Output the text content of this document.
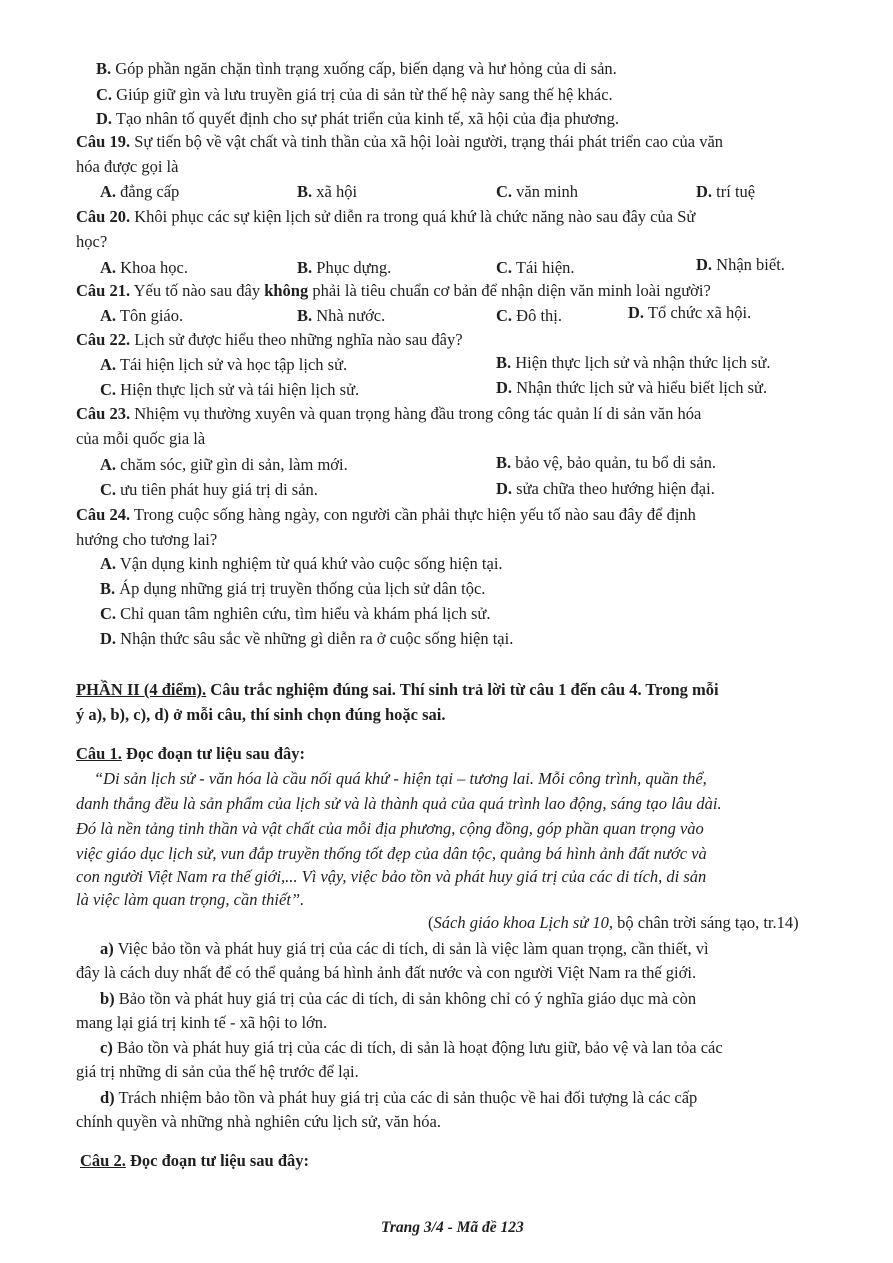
B. Góp phần ngăn chặn tình trạng xuống cấp, biến dạng và hư hỏng của di sản.
C. Giúp giữ gìn và lưu truyền giá trị của di sản từ thế hệ này sang thế hệ khác.
D. Tạo nhân tố quyết định cho sự phát triển của kinh tế, xã hội của địa phương.
Câu 19. Sự tiến bộ về vật chất và tinh thần của xã hội loài người, trạng thái phát triển cao của văn
hóa được gọi là
A. đẳng cấp	B. xã hội	C. văn minh	D. trí tuệ
Câu 20. Khôi phục các sự kiện lịch sử diễn ra trong quá khứ là chức năng nào sau đây của Sử
học?
A. Khoa học.	B. Phục dựng.	C. Tái hiện.	D. Nhận biết.
Câu 21. Yếu tố nào sau đây không phải là tiêu chuẩn cơ bản để nhận diện văn minh loài người?
A. Tôn giáo.	B. Nhà nước.	C. Đô thị.	D. Tổ chức xã hội.
Câu 22. Lịch sử được hiểu theo những nghĩa nào sau đây?
A. Tái hiện lịch sử và học tập lịch sử.	B. Hiện thực lịch sử và nhận thức lịch sử.
C. Hiện thực lịch sử và tái hiện lịch sử.	D. Nhận thức lịch sử và hiểu biết lịch sử.
Câu 23. Nhiệm vụ thường xuyên và quan trọng hàng đầu trong công tác quản lí di sản văn hóa
của mỗi quốc gia là
A. chăm sóc, giữ gìn di sản, làm mới.	B. bảo vệ, bảo quản, tu bổ di sản.
C. ưu tiên phát huy giá trị di sản.	D. sửa chữa theo hướng hiện đại.
Câu 24. Trong cuộc sống hàng ngày, con người cần phải thực hiện yếu tố nào sau đây để định
hướng cho tương lai?
A. Vận dụng kinh nghiệm từ quá khứ vào cuộc sống hiện tại.
B. Áp dụng những giá trị truyền thống của lịch sử dân tộc.
C. Chỉ quan tâm nghiên cứu, tìm hiểu và khám phá lịch sử.
D. Nhận thức sâu sắc về những gì diễn ra ở cuộc sống hiện tại.
PHẦN II (4 điểm). Câu trắc nghiệm đúng sai. Thí sinh trả lời từ câu 1 đến câu 4. Trong mỗi
ý a), b), c), d) ở mỗi câu, thí sinh chọn đúng hoặc sai.
Câu 1. Đọc đoạn tư liệu sau đây:
“Di sản lịch sử - văn hóa là cầu nối quá khứ - hiện tại – tương lai. Mỗi công trình, quần thể,
danh thắng đều là sản phẩm của lịch sử và là thành quả của quá trình lao động, sáng tạo lâu dài.
Đó là nền tảng tinh thần và vật chất của mỗi địa phương, cộng đồng, góp phần quan trọng vào
việc giáo dục lịch sử, vun đắp truyền thống tốt đẹp của dân tộc, quảng bá hình ảnh đất nước và
con người Việt Nam ra thế giới,... Vì vậy, việc bảo tồn và phát huy giá trị của các di tích, di sản
là việc làm quan trọng, cần thiết”.
(Sách giáo khoa Lịch sử 10, bộ chân trời sáng tạo, tr.14)
a) Việc bảo tồn và phát huy giá trị của các di tích, di sản là việc làm quan trọng, cần thiết, vì
đây là cách duy nhất để có thể quảng bá hình ảnh đất nước và con người Việt Nam ra thế giới.
b) Bảo tồn và phát huy giá trị của các di tích, di sản không chỉ có ý nghĩa giáo dục mà còn
mang lại giá trị kinh tế - xã hội to lớn.
c) Bảo tồn và phát huy giá trị của các di tích, di sản là hoạt động lưu giữ, bảo vệ và lan tỏa các
giá trị những di sản của thế hệ trước để lại.
d) Trách nhiệm bảo tồn và phát huy giá trị của các di sản thuộc về hai đối tượng là các cấp
chính quyền và những nhà nghiên cứu lịch sử, văn hóa.
Câu 2. Đọc đoạn tư liệu sau đây:
Trang 3/4 - Mã đề 123
